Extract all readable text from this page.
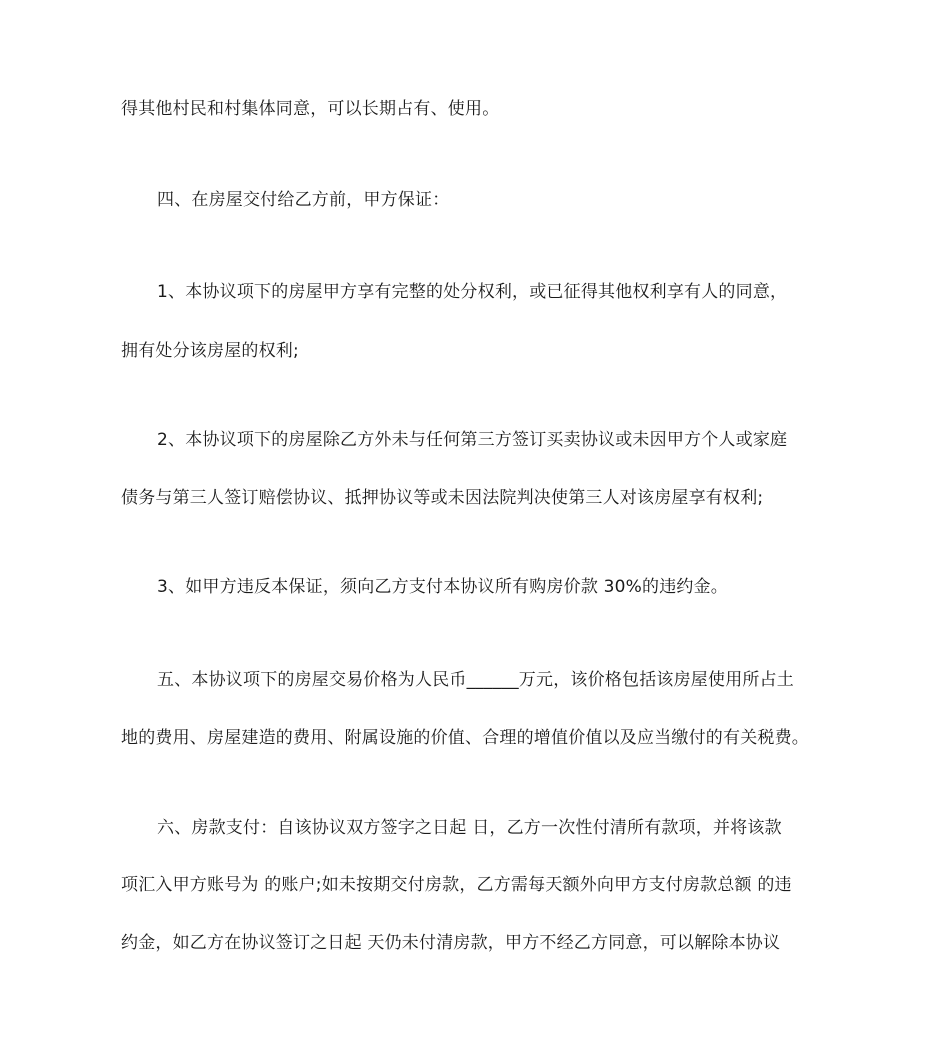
得其他村民和村集体同意，可以长期占有、使用。
四、在房屋交付给乙方前，甲方保证：
1、本协议项下的房屋甲方享有完整的处分权利，或已征得其他权利享有人的同意，
拥有处分该房屋的权利;
2、本协议项下的房屋除乙方外未与任何第三方签订买卖协议或未因甲方个人或家庭
债务与第三人签订赔偿协议、抵押协议等或未因法院判决使第三人对该房屋享有权利;
3、如甲方违反本保证，须向乙方支付本协议所有购房价款 30%的违约金。
五、本协议项下的房屋交易价格为人民币______万元，该价格包括该房屋使用所占土
地的费用、房屋建造的费用、附属设施的价值、合理的增值价值以及应当缴付的有关税费。
六、房款支付：自该协议双方签字之日起 日，乙方一次性付清所有款项，并将该款
项汇入甲方账号为 的账户;如未按期交付房款，乙方需每天额外向甲方支付房款总额 的违
约金，如乙方在协议签订之日起 天仍未付清房款，甲方不经乙方同意，可以解除本协议
